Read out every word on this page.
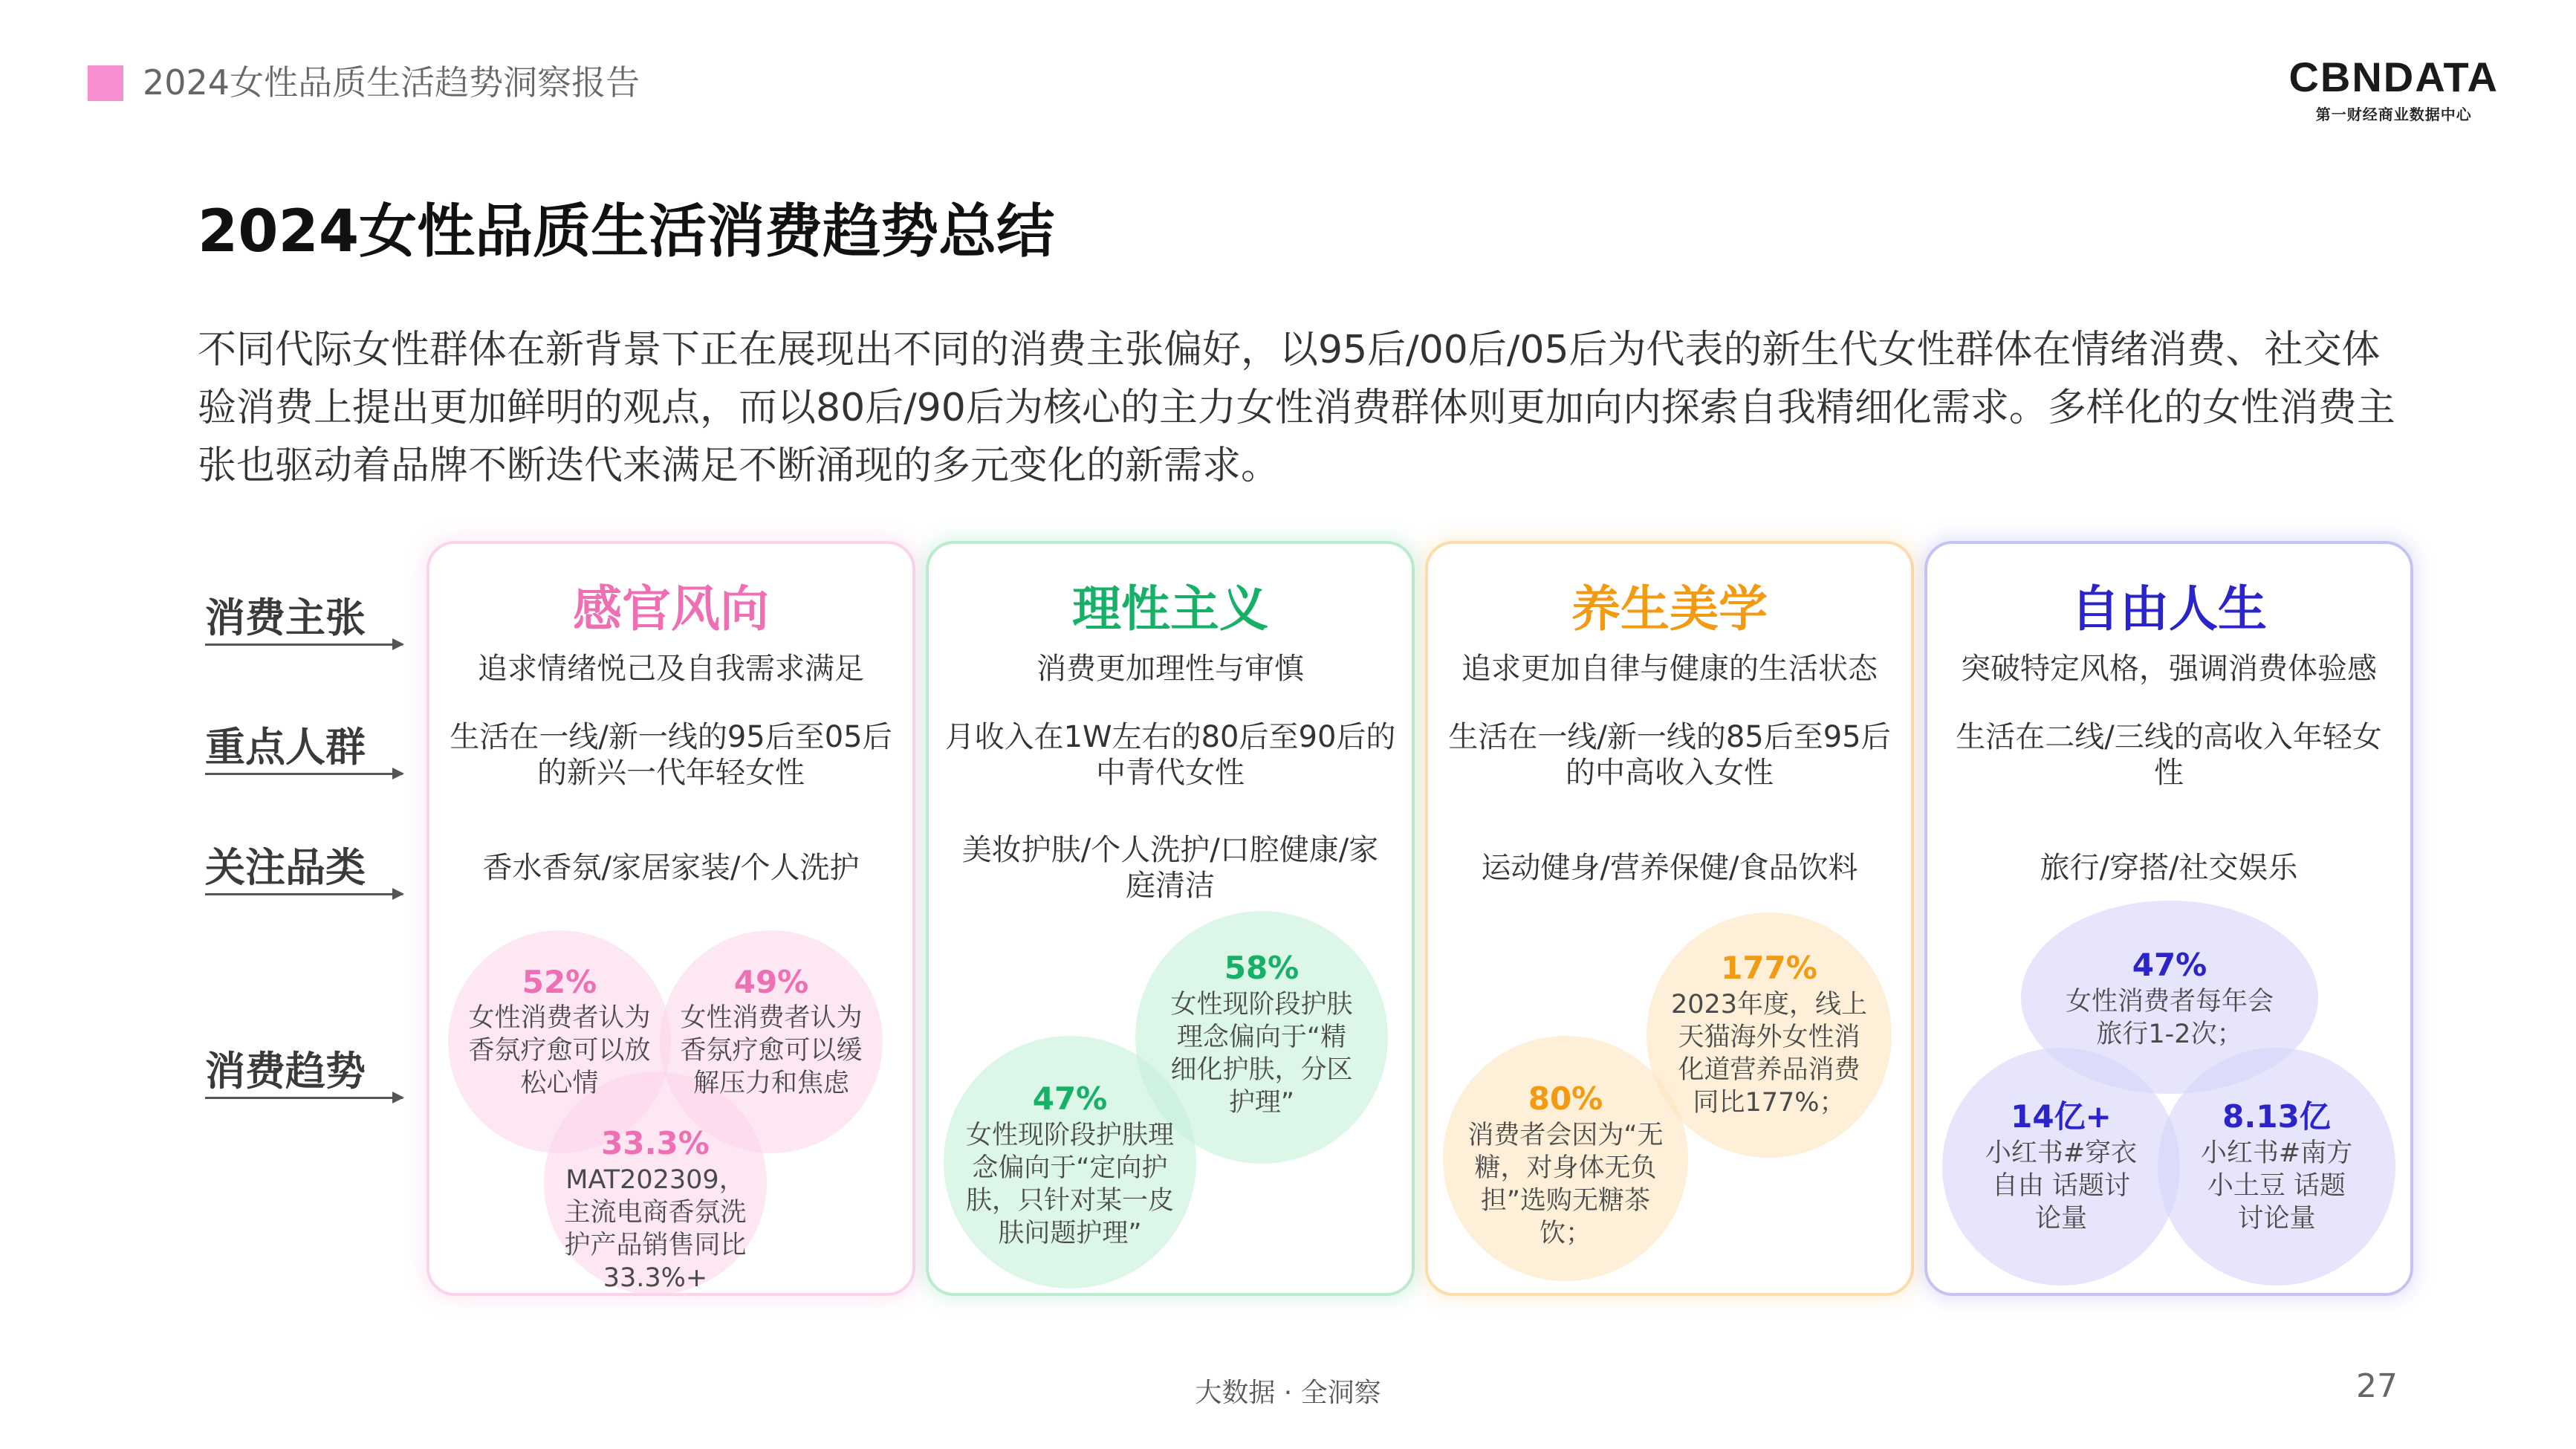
2024女性品质生活趋势洞察报告	CBNDATA
第一财经商业数据中心
2024女性品质生活消费趋势总结
不同代际女性群体在新背景下正在展现出不同的消费主张偏好，以95后/00后/05后为代表的新生代女性群体在情绪消费、社交体验消费上提出更加鲜明的观点，而以80后/90后为核心的主力女性消费群体则更加向内探索自我精细化需求。多样化的女性消费主张也驱动着品牌不断迭代来满足不断涌现的多元变化的新需求。
消费主张
重点人群
关注品类
消费趋势
感官风向
追求情绪悦己及自我需求满足
生活在一线/新一线的95后至05后的新兴一代年轻女性
香水香氛/家居家装/个人洗护
52%
女性消费者认为香氛疗愈可以放松心情
49%
女性消费者认为香氛疗愈可以缓解压力和焦虑
33.3%
MAT202309，主流电商香氛洗护产品销售同比33.3%+
理性主义
消费更加理性与审慎
月收入在1W左右的80后至90后的中青代女性
美妆护肤/个人洗护/口腔健康/家庭清洁
58%
女性现阶段护肤理念偏向于“精细化护肤，分区护理”
47%
女性现阶段护肤理念偏向于“定向护肤，只针对某一皮肤问题护理”
养生美学
追求更加自律与健康的生活状态
生活在一线/新一线的85后至95后的中高收入女性
运动健身/营养保健/食品饮料
177%
2023年度，线上天猫海外女性消化道营养品消费同比177%；
80%
消费者会因为“无糖，对身体无负担”选购无糖茶饮；
自由人生
突破特定风格，强调消费体验感
生活在二线/三线的高收入年轻女性
旅行/穿搭/社交娱乐
47%
女性消费者每年会旅行1-2次；
14亿+
小红书#穿衣自由 话题讨论量
8.13亿
小红书#南方小土豆 话题讨论量
大数据 · 全洞察	27
